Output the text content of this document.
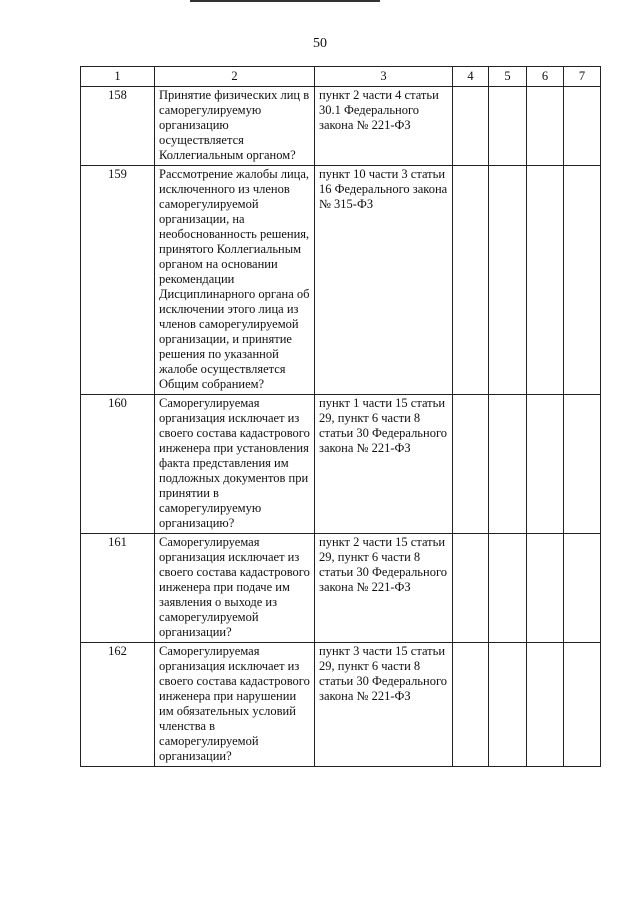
50
1	2	3	4	5	6	7
158	Принятие физических лиц в саморегулируемую организацию осуществляется Коллегиальным органом?	пункт 2 части 4 статьи 30.1 Федерального закона № 221-ФЗ				
159	Рассмотрение жалобы лица, исключенного из членов саморегулируемой организации, на необоснованность решения, принятого Коллегиальным органом на основании рекомендации Дисциплинарного органа об исключении этого лица из членов саморегулируемой организации, и принятие решения по указанной жалобе осуществляется Общим собранием?	пункт 10 части 3 статьи 16 Федерального закона № 315-ФЗ				
160	Саморегулируемая организация исключает из своего состава кадастрового инженера при установления факта представления им подложных документов при принятии в саморегулируемую организацию?	пункт 1 части 15 статьи 29, пункт 6 части 8 статьи 30 Федерального закона № 221-ФЗ				
161	Саморегулируемая организация исключает из своего состава кадастрового инженера при подаче им заявления о выходе из саморегулируемой организации?	пункт 2 части 15 статьи 29, пункт 6 части 8 статьи 30 Федерального закона № 221-ФЗ				
162	Саморегулируемая организация исключает из своего состава кадастрового инженера при нарушении им обязательных условий членства в саморегулируемой организации?	пункт 3 части 15 статьи 29, пункт 6 части 8 статьи 30 Федерального закона № 221-ФЗ				
